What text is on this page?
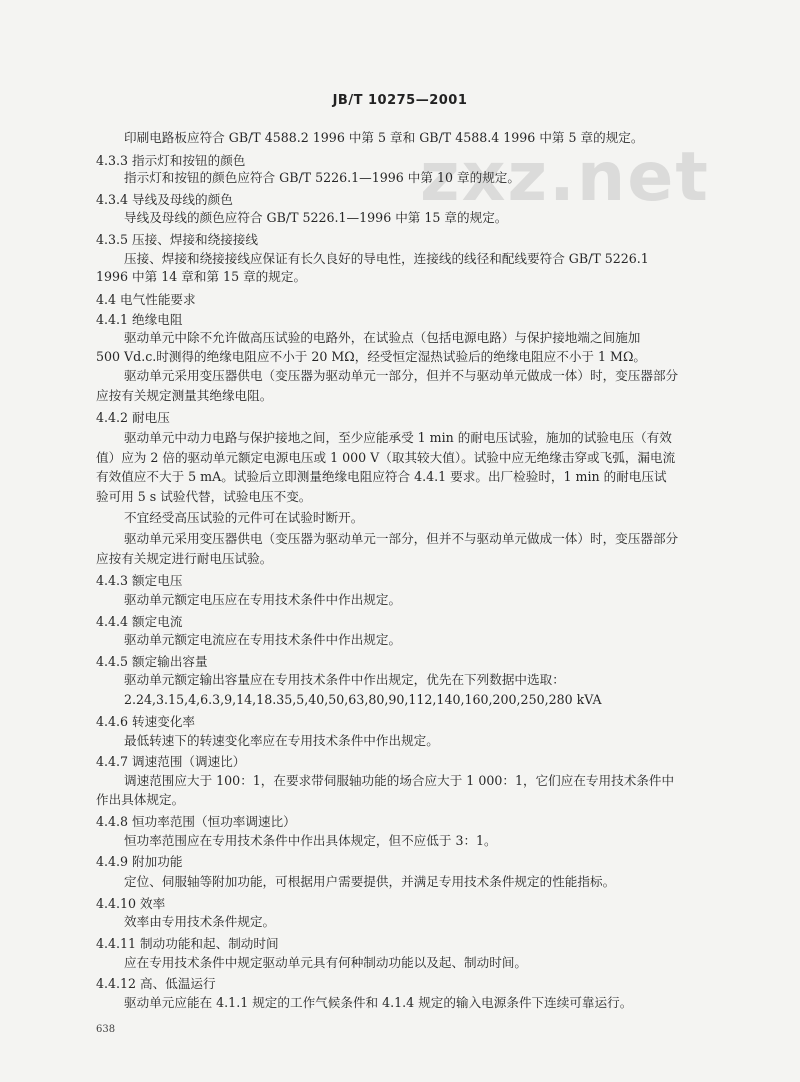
JB/T 10275—2001
zxz.net
印刷电路板应符合 GB/T 4588.2 1996 中第 5 章和 GB/T 4588.4 1996 中第 5 章的规定。
4.3.3 指示灯和按钮的颜色
指示灯和按钮的颜色应符合 GB/T 5226.1—1996 中第 10 章的规定。
4.3.4 导线及母线的颜色
导线及母线的颜色应符合 GB/T 5226.1—1996 中第 15 章的规定。
4.3.5 压接、焊接和绕接接线
压接、焊接和绕接接线应保证有长久良好的导电性，连接线的线径和配线要符合 GB/T 5226.1
1996 中第 14 章和第 15 章的规定。
4.4 电气性能要求
4.4.1 绝缘电阻
驱动单元中除不允许做高压试验的电路外，在试验点（包括电源电路）与保护接地端之间施加
500 Vd.c.时测得的绝缘电阻应不小于 20 MΩ，经受恒定湿热试验后的绝缘电阻应不小于 1 MΩ。
驱动单元采用变压器供电（变压器为驱动单元一部分，但并不与驱动单元做成一体）时，变压器部分
应按有关规定测量其绝缘电阻。
4.4.2 耐电压
驱动单元中动力电路与保护接地之间，至少应能承受 1 min 的耐电压试验，施加的试验电压（有效
值）应为 2 倍的驱动单元额定电源电压或 1 000 V（取其较大值）。试验中应无绝缘击穿或飞弧，漏电流
有效值应不大于 5 mA。试验后立即测量绝缘电阻应符合 4.4.1 要求。出厂检验时，1 min 的耐电压试
验可用 5 s 试验代替，试验电压不变。
不宜经受高压试验的元件可在试验时断开。
驱动单元采用变压器供电（变压器为驱动单元一部分，但并不与驱动单元做成一体）时，变压器部分
应按有关规定进行耐电压试验。
4.4.3 额定电压
驱动单元额定电压应在专用技术条件中作出规定。
4.4.4 额定电流
驱动单元额定电流应在专用技术条件中作出规定。
4.4.5 额定输出容量
驱动单元额定输出容量应在专用技术条件中作出规定，优先在下列数据中选取：
2.24,3.15,4,6.3,9,14,18.35,5,40,50,63,80,90,112,140,160,200,250,280 kVA
4.4.6 转速变化率
最低转速下的转速变化率应在专用技术条件中作出规定。
4.4.7 调速范围（调速比）
调速范围应大于 100：1，在要求带伺服轴功能的场合应大于 1 000：1，它们应在专用技术条件中
作出具体规定。
4.4.8 恒功率范围（恒功率调速比）
恒功率范围应在专用技术条件中作出具体规定，但不应低于 3：1。
4.4.9 附加功能
定位、伺服轴等附加功能，可根据用户需要提供，并满足专用技术条件规定的性能指标。
4.4.10 效率
效率由专用技术条件规定。
4.4.11 制动功能和起、制动时间
应在专用技术条件中规定驱动单元具有何种制动功能以及起、制动时间。
4.4.12 高、低温运行
驱动单元应能在 4.1.1 规定的工作气候条件和 4.1.4 规定的输入电源条件下连续可靠运行。
638
